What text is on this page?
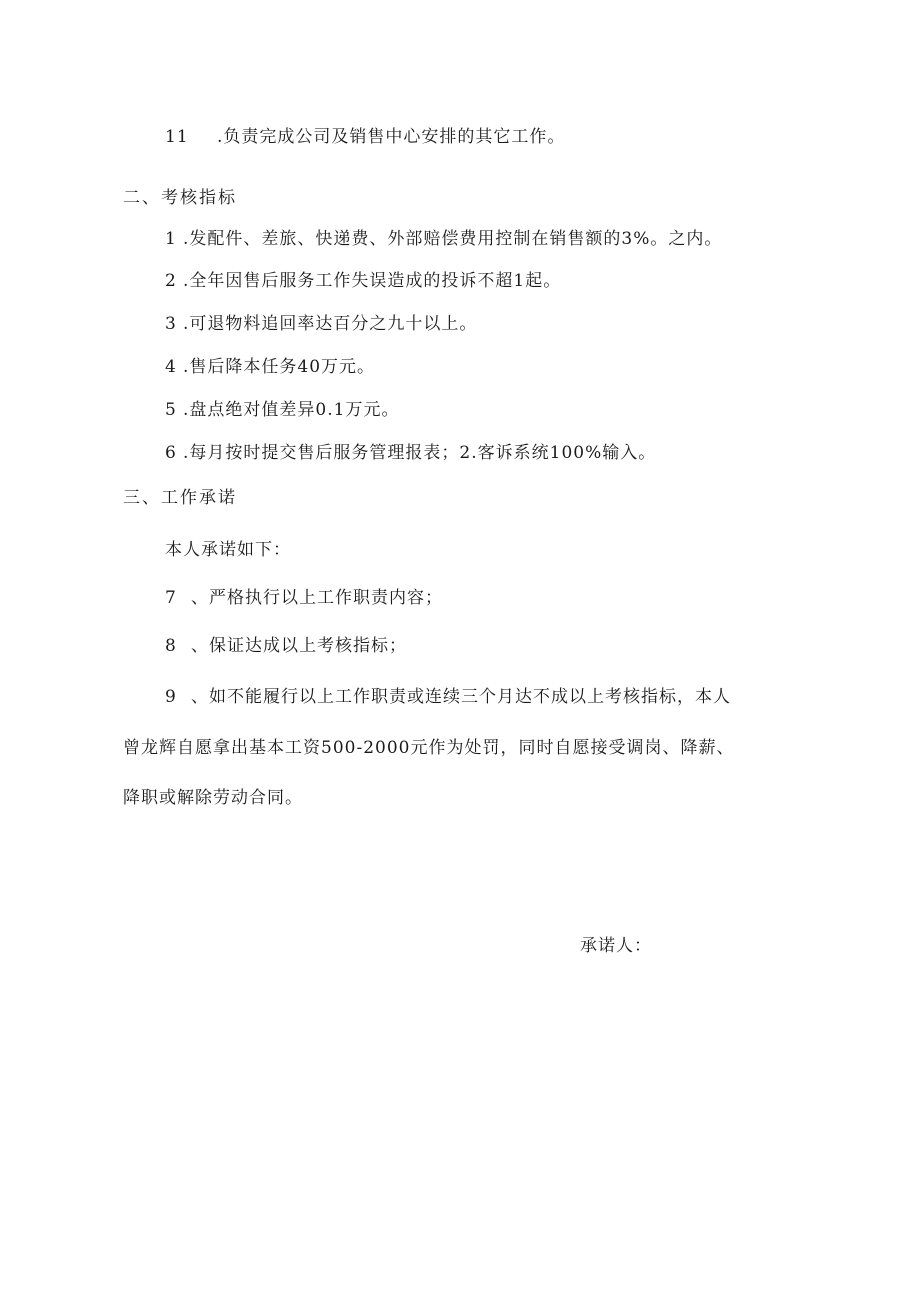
11 .负责完成公司及销售中心安排的其它工作。
二、考核指标
1 .发配件、差旅、快递费、外部赔偿费用控制在销售额的3%。之内。
2 .全年因售后服务工作失误造成的投诉不超1起。
3 .可退物料追回率达百分之九十以上。
4 .售后降本任务40万元。
5 .盘点绝对值差异0.1万元。
6 .每月按时提交售后服务管理报表；2.客诉系统100%输入。
三、工作承诺
本人承诺如下：
7 、严格执行以上工作职责内容；
8 、保证达成以上考核指标；
9 、如不能履行以上工作职责或连续三个月达不成以上考核指标，本人
曾龙辉自愿拿出基本工资500-2000元作为处罚，同时自愿接受调岗、降薪、
降职或解除劳动合同。
承诺人：
